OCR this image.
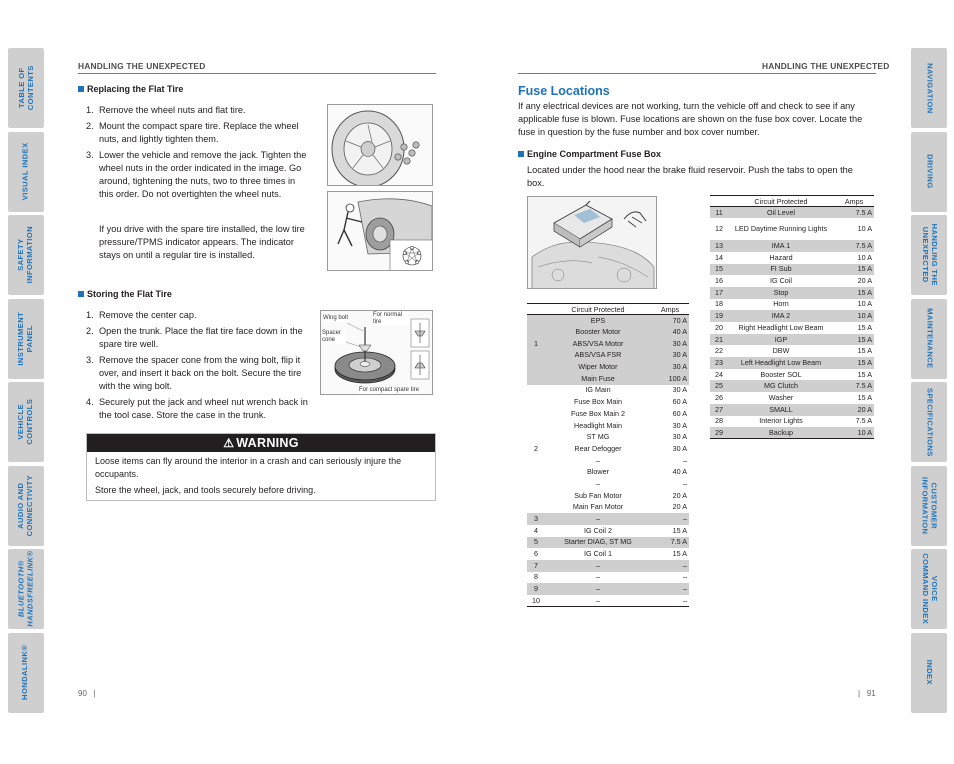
TABLE OF
CONTENTS
VISUAL INDEX
SAFETY
INFORMATION
INSTRUMENT
PANEL
VEHICLE
CONTROLS
AUDIO AND
CONNECTIVITY
BLUETOOTH®
HANDSFREELINK®
HONDALINK®
NAVIGATION
DRIVING
HANDLING THE
UNEXPECTED
MAINTENANCE
SPECIFICATIONS
CUSTOMER
INFORMATION
VOICE
COMMAND INDEX
INDEX
HANDLING THE UNEXPECTED
Replacing the Flat Tire
1. Remove the wheel nuts and flat tire.
2. Mount the compact spare tire. Replace the wheel nuts, and lightly tighten them.
3. Lower the vehicle and remove the jack. Tighten the wheel nuts in the order indicated in the image. Go around, tightening the nuts, two to three times in this order. Do not overtighten the wheel nuts.
If you drive with the spare tire installed, the low tire pressure/TPMS indicator appears. The indicator stays on until a regular tire is installed.
Storing the Flat Tire
1. Remove the center cap.
2. Open the trunk. Place the flat tire face down in the spare tire well.
3. Remove the spacer cone from the wing bolt, flip it over, and insert it back on the bolt. Secure the tire with the wing bolt.
4. Securely put the jack and wheel nut wrench back in the tool case. Store the case in the trunk.
Wing bolt	For normal tire
Spacer cone
For compact spare tire
⚠ WARNING

Loose items can fly around the interior in a crash and can seriously injure the occupants.

Store the wheel, jack, and tools securely before driving.

90   |
HANDLING THE UNEXPECTED
Fuse Locations
If any electrical devices are not working, turn the vehicle off and check to see if any applicable fuse is blown. Fuse locations are shown on the fuse box cover. Locate the fuse in question by the fuse number and box cover number.
Engine Compartment Fuse Box
Located under the hood near the brake fluid reservoir. Push the tabs to open the box.
	Circuit Protected	Amps
	EPS	70 A
	Booster Motor	40 A
1	ABS/VSA Motor	30 A
	ABS/VSA FSR	30 A
	Wiper Motor	30 A
	Main Fuse	100 A
	IG Main	30 A
	Fuse Box Main	60 A
	Fuse Box Main 2	60 A
	Headlight Main	30 A
	ST MG	30 A
2	Rear Defogger	30 A
	–	–
	Blower	40 A
	–	–
	Sub Fan Motor	20 A
	Main Fan Motor	20 A
3	–	–
4	IG Coil 2	15 A
5	Starter DIAG, ST MG	7.5 A
6	IG Coil 1	15 A
7	–	–
8	–	–
9	–	–
10	–	–
	Circuit Protected	Amps
11	Oil Level	7.5 A
12	LED Daytime Running Lights	10 A
13	IMA 1	7.5 A
14	Hazard	10 A
15	FI Sub	15 A
16	IG Coil	20 A
17	Stop	15 A
18	Horn	10 A
19	IMA 2	10 A
20	Right Headlight Low Beam	15 A
21	IGP	15 A
22	DBW	15 A
23	Left Headlight Low Beam	15 A
24	Booster SOL	15 A
25	MG Clutch	7.5 A
26	Washer	15 A
27	SMALL	20 A
28	Interior Lights	7.5 A
29	Backup	10 A
|   91
